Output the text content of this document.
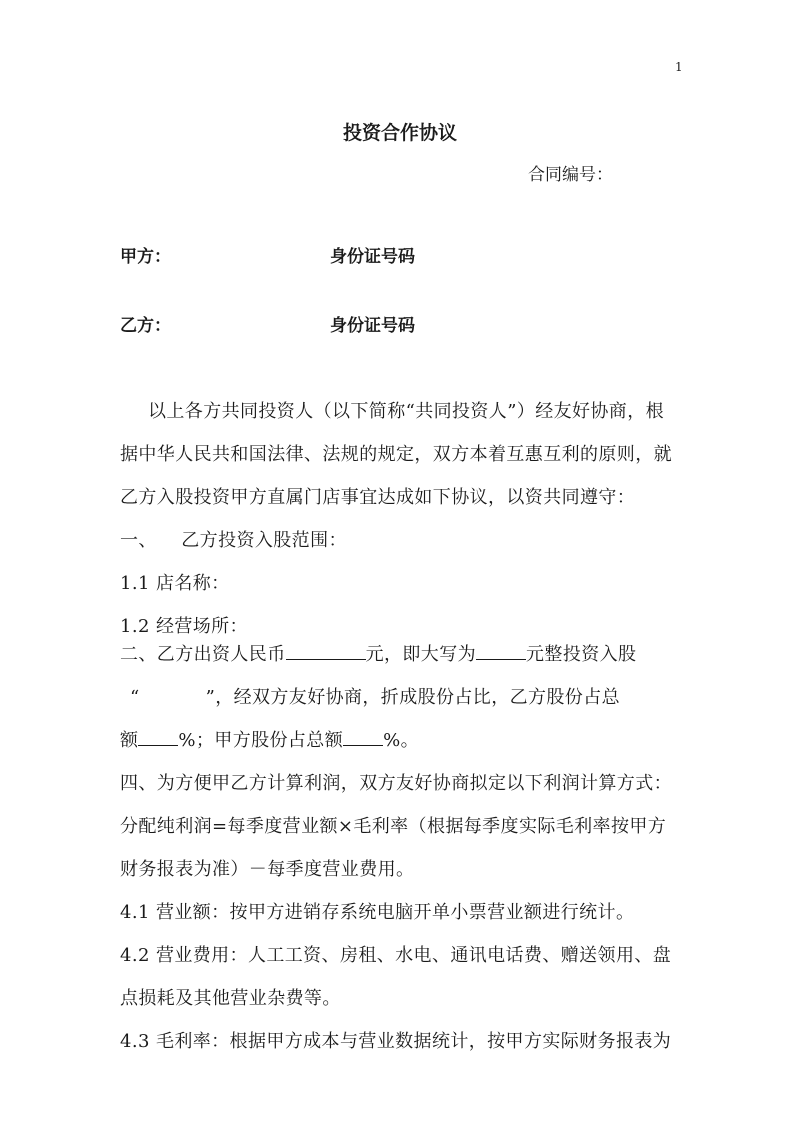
1
投资合作协议
合同编号：
甲方：	身份证号码
乙方：	身份证号码
以上各方共同投资人（以下简称“共同投资人”）经友好协商，根
据中华人民共和国法律、法规的规定，双方本着互惠互利的原则，就
乙方入股投资甲方直属门店事宜达成如下协议，以资共同遵守：
一、    乙方投资入股范围：
1.1 店名称：
1.2 经营场所：
二、乙方出资人民币	元，即大写为	元整投资入股
“	”，经双方友好协商，折成股份占比，乙方股份占总
额 %；甲方股份占总额 %。
四、为方便甲乙方计算利润，双方友好协商拟定以下利润计算方式：
分配纯利润=每季度营业额×毛利率（根据每季度实际毛利率按甲方
财务报表为准）－每季度营业费用。
4.1 营业额：按甲方进销存系统电脑开单小票营业额进行统计。
4.2 营业费用：人工工资、房租、水电、通讯电话费、赠送领用、盘
点损耗及其他营业杂费等。
4.3 毛利率：根据甲方成本与营业数据统计，按甲方实际财务报表为
